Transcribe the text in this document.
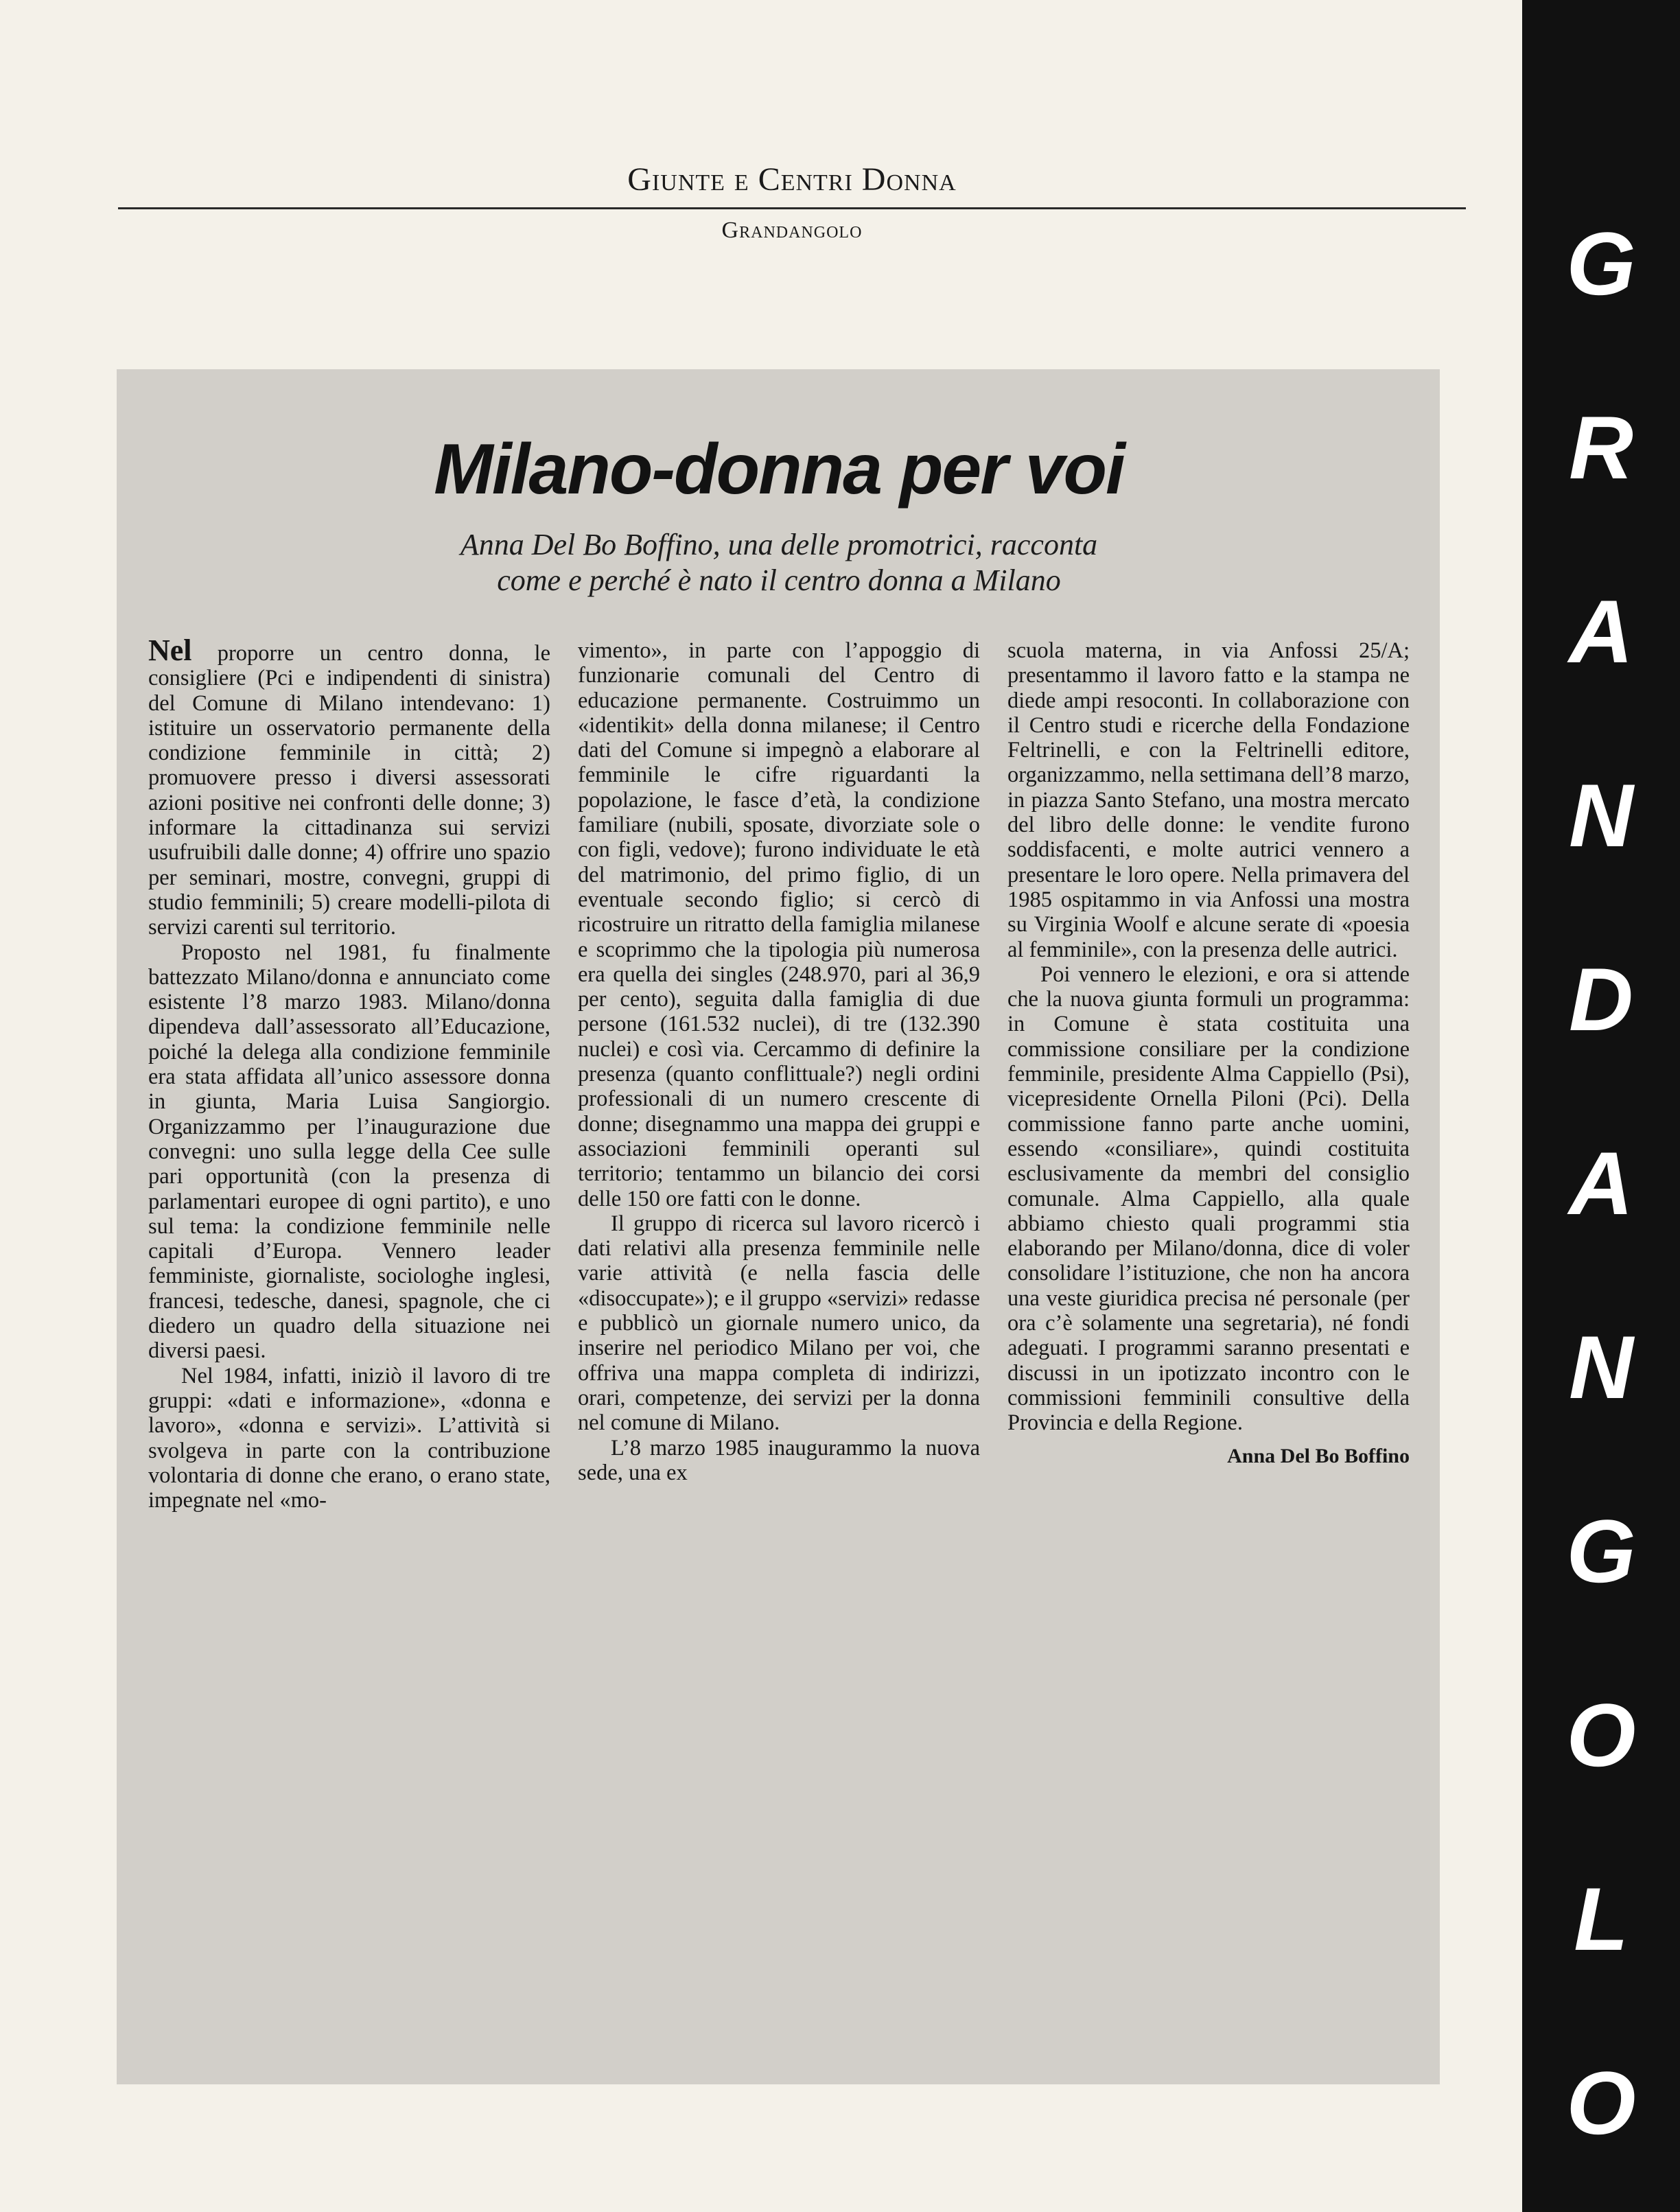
Giunte e Centri Donna
Grandangolo
Milano-donna per voi
Anna Del Bo Boffino, una delle promotrici, racconta
come e perché è nato il centro donna a Milano

Nel proporre un centro donna, le consigliere (Pci e indipendenti di sinistra) del Comune di Milano intendevano: 1) istituire un osservatorio permanente della condizione femminile in città; 2) promuovere presso i diversi assessorati azioni positive nei confronti delle donne; 3) informare la cittadinanza sui servizi usufruibili dalle donne; 4) offrire uno spazio per seminari, mostre, convegni, gruppi di studio femminili; 5) creare modelli-pilota di servizi carenti sul territorio.

Proposto nel 1981, fu finalmente battezzato Milano/donna e annunciato come esistente l’8 marzo 1983. Milano/donna dipendeva dall’assessorato all’Educazione, poiché la delega alla condizione femminile era stata affidata all’unico assessore donna in giunta, Maria Luisa Sangiorgio. Organizzammo per l’inaugurazione due convegni: uno sulla legge della Cee sulle pari opportunità (con la presenza di parlamentari europee di ogni partito), e uno sul tema: la condizione femminile nelle capitali d’Europa. Vennero leader femministe, giornaliste, sociologhe inglesi, francesi, tedesche, danesi, spagnole, che ci diedero un quadro della situazione nei diversi paesi.

Nel 1984, infatti, iniziò il lavoro di tre gruppi: «dati e informazione», «donna e lavoro», «donna e servizi». L’attività si svolgeva in parte con la contribuzione volontaria di donne che erano, o erano state, impegnate nel «mo-

vimento», in parte con l’appoggio di funzionarie comunali del Centro di educazione permanente. Costruimmo un «identikit» della donna milanese; il Centro dati del Comune si impegnò a elaborare al femminile le cifre riguardanti la popolazione, le fasce d’età, la condizione familiare (nubili, sposate, divorziate sole o con figli, vedove); furono individuate le età del matrimonio, del primo figlio, di un eventuale secondo figlio; si cercò di ricostruire un ritratto della famiglia milanese e scoprimmo che la tipologia più numerosa era quella dei singles (248.970, pari al 36,9 per cento), seguita dalla famiglia di due persone (161.532 nuclei), di tre (132.390 nuclei) e così via. Cercammo di definire la presenza (quanto conflittuale?) negli ordini professionali di un numero crescente di donne; disegnammo una mappa dei gruppi e associazioni femminili operanti sul territorio; tentammo un bilancio dei corsi delle 150 ore fatti con le donne.

Il gruppo di ricerca sul lavoro ricercò i dati relativi alla presenza femminile nelle varie attività (e nella fascia delle «disoccupate»); e il gruppo «servizi» redasse e pubblicò un giornale numero unico, da inserire nel periodico Milano per voi, che offriva una mappa completa di indirizzi, orari, competenze, dei servizi per la donna nel comune di Milano.

L’8 marzo 1985 inaugurammo la nuova sede, una ex

scuola materna, in via Anfossi 25/A; presentammo il lavoro fatto e la stampa ne diede ampi resoconti. In collaborazione con il Centro studi e ricerche della Fondazione Feltrinelli, e con la Feltrinelli editore, organizzammo, nella settimana dell’8 marzo, in piazza Santo Stefano, una mostra mercato del libro delle donne: le vendite furono soddisfacenti, e molte autrici vennero a presentare le loro opere. Nella primavera del 1985 ospitammo in via Anfossi una mostra su Virginia Woolf e alcune serate di «poesia al femminile», con la presenza delle autrici.

Poi vennero le elezioni, e ora si attende che la nuova giunta formuli un programma: in Comune è stata costituita una commissione consiliare per la condizione femminile, presidente Alma Cappiello (Psi), vicepresidente Ornella Piloni (Pci). Della commissione fanno parte anche uomini, essendo «consiliare», quindi costituita esclusivamente da membri del consiglio comunale. Alma Cappiello, alla quale abbiamo chiesto quali programmi stia elaborando per Milano/donna, dice di voler consolidare l’istituzione, che non ha ancora una veste giuridica precisa né personale (per ora c’è solamente una segretaria), né fondi adeguati. I programmi saranno presentati e discussi in un ipotizzato incontro con le commissioni femminili consultive della Provincia e della Regione.

Anna Del Bo Boffino
G
R
A
N
D
A
N
G
O
L
O
